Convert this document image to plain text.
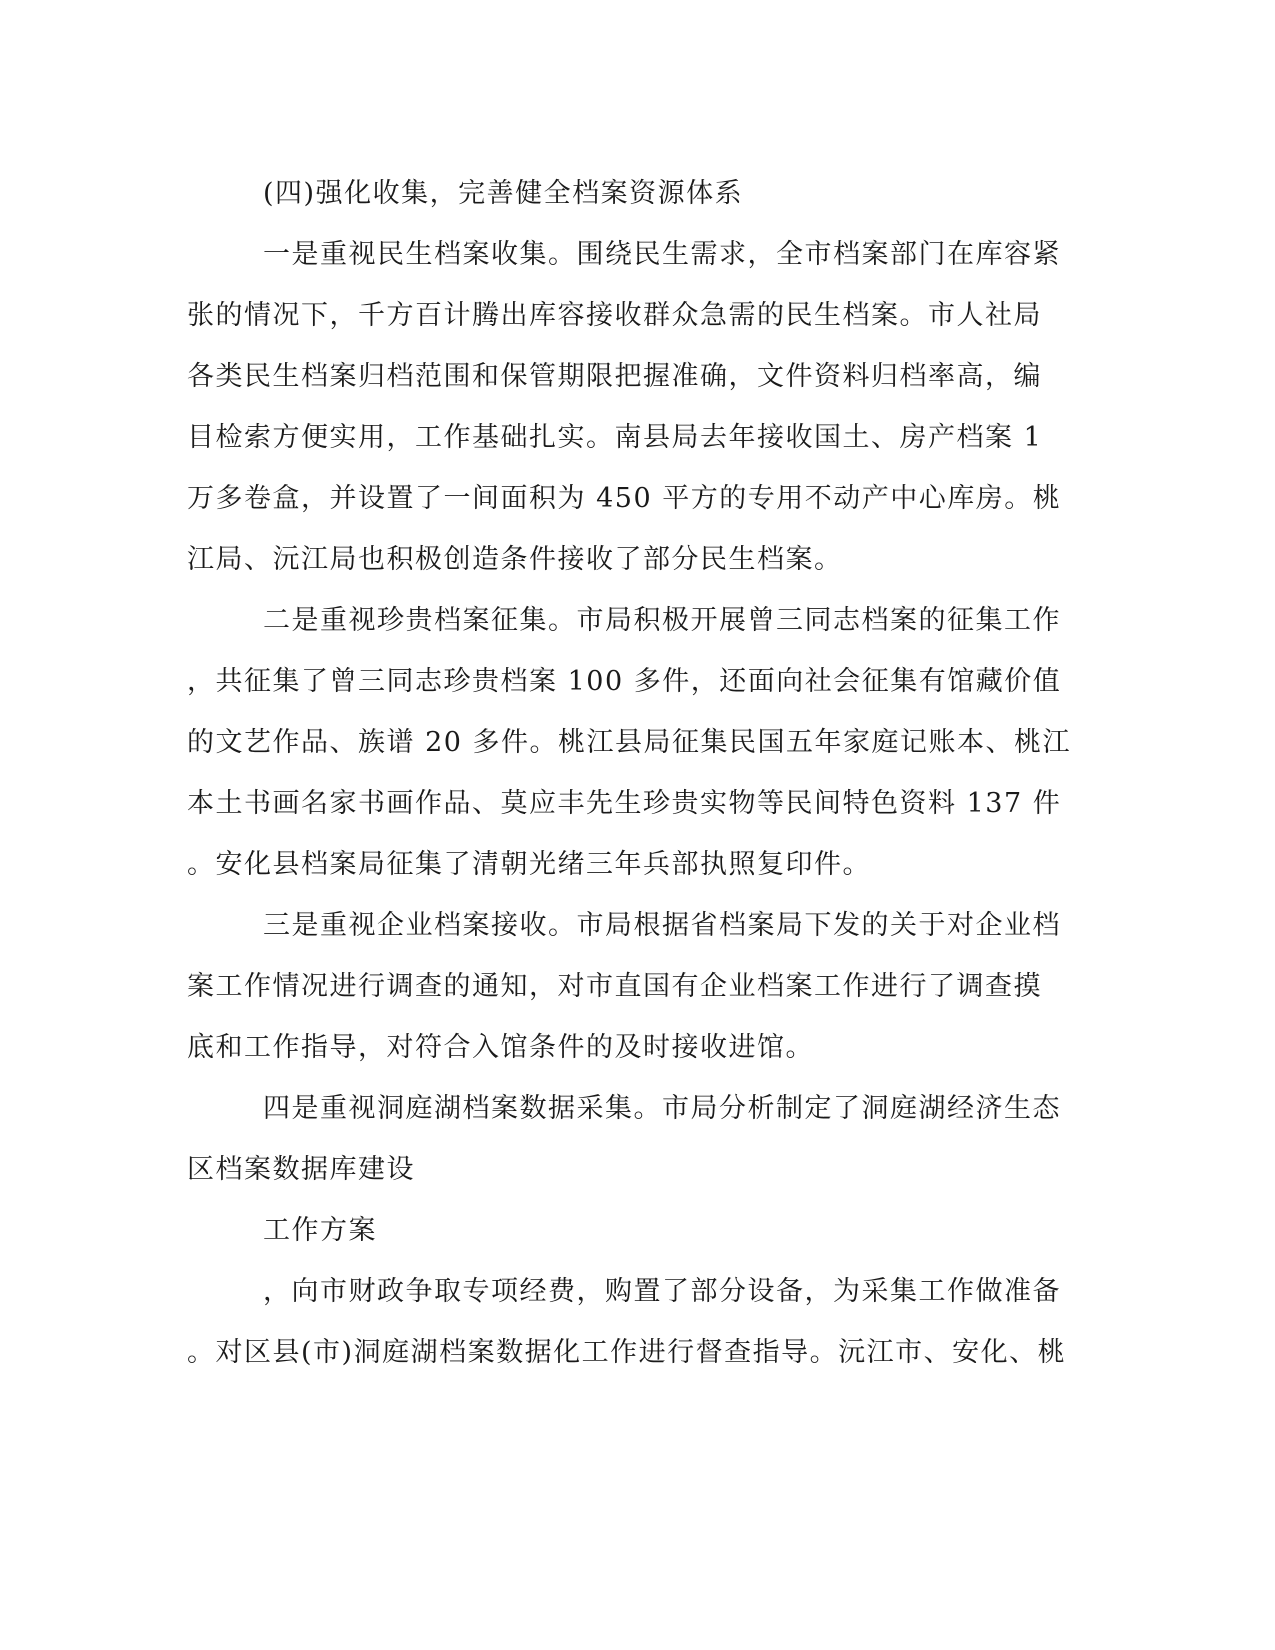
(四)强化收集，完善健全档案资源体系
一是重视民生档案收集。围绕民生需求，全市档案部门在库容紧
张的情况下，千方百计腾出库容接收群众急需的民生档案。市人社局
各类民生档案归档范围和保管期限把握准确，文件资料归档率高，编
目检索方便实用，工作基础扎实。南县局去年接收国土、房产档案 1
万多卷盒，并设置了一间面积为 450 平方的专用不动产中心库房。桃
江局、沅江局也积极创造条件接收了部分民生档案。
二是重视珍贵档案征集。市局积极开展曾三同志档案的征集工作
，共征集了曾三同志珍贵档案 100 多件，还面向社会征集有馆藏价值
的文艺作品、族谱 20 多件。桃江县局征集民国五年家庭记账本、桃江
本土书画名家书画作品、莫应丰先生珍贵实物等民间特色资料 137 件
。安化县档案局征集了清朝光绪三年兵部执照复印件。
三是重视企业档案接收。市局根据省档案局下发的关于对企业档
案工作情况进行调查的通知，对市直国有企业档案工作进行了调查摸
底和工作指导，对符合入馆条件的及时接收进馆。
四是重视洞庭湖档案数据采集。市局分析制定了洞庭湖经济生态
区档案数据库建设
工作方案
，向市财政争取专项经费，购置了部分设备，为采集工作做准备
。对区县(市)洞庭湖档案数据化工作进行督查指导。沅江市、安化、桃
